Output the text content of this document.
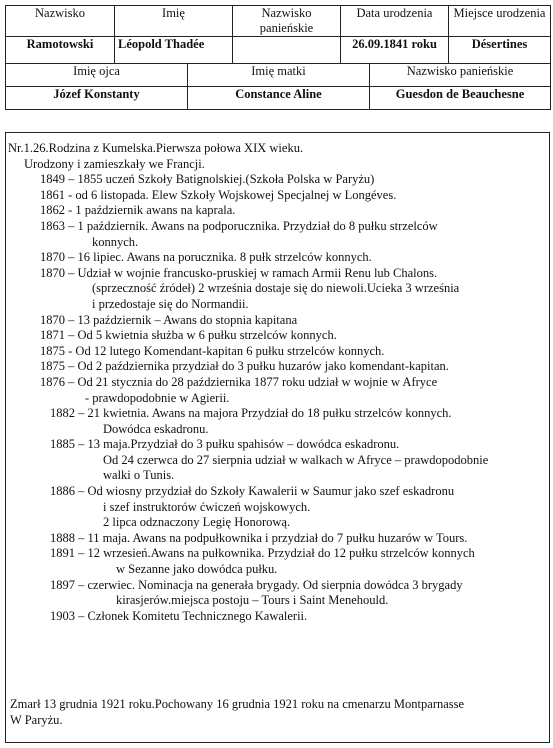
Nazwisko	Imię	Nazwisko panieńskie	Data urodzenia	Miejsce urodzenia
Ramotowski	Léopold Thadée		26.09.1841 roku	Désertines
Imię ojca	Imię matki	Nazwisko panieńskie
Józef Konstanty	Constance Aline	Guesdon de Beauchesne
Nr.1.26.Rodzina z Kumelska.Pierwsza połowa XIX wieku.
Urodzony i zamieszkały we Francji.
1849 – 1855 uczeń Szkoły Batignolskiej.(Szkoła Polska w Paryżu)
1861 - od 6 listopada. Elew Szkoły Wojskowej Specjalnej w Longéves.
1862 - 1 październik awans na kaprala.
1863 – 1 październik. Awans na podporucznika. Przydział do 8 pułku strzelców
konnych.
1870 – 16 lipiec. Awans na porucznika. 8 pułk strzelców konnych.
1870 – Udział w wojnie francusko-pruskiej w ramach Armii Renu lub Chalons.
(sprzeczność źródeł) 2 września dostaje się do niewoli.Ucieka 3 września
i przedostaje się do Normandii.
1870 – 13 październik – Awans do stopnia kapitana
1871 – Od 5 kwietnia służba w 6 pułku strzelców konnych.
1875 - Od 12 lutego Komendant-kapitan 6 pułku strzelców konnych.
1875 – Od 2 października przydział do 3 pułku huzarów jako komendant-kapitan.
1876 – Od 21 stycznia do 28 października 1877 roku udział w wojnie w Afryce
- prawdopodobnie w Agierii.
1882 – 21 kwietnia. Awans na majora Przydział do 18 pułku strzelców konnych.
Dowódca eskadronu.
1885 – 13 maja.Przydział do 3 pułku spahisów – dowódca eskadronu.
Od 24 czerwca do 27 sierpnia udział w walkach w Afryce – prawdopodobnie
walki o Tunis.
1886 – Od wiosny przydział do Szkoły Kawalerii w Saumur jako szef eskadronu
i szef instruktorów ćwiczeń wojskowych.
2 lipca odznaczony Legię Honorową.
1888 – 11 maja. Awans na podpułkownika i przydział do 7 pułku huzarów w Tours.
1891 – 12 wrzesień.Awans na pułkownika. Przydział do 12 pułku strzelców konnych
w Sezanne jako dowódca pułku.
1897 – czerwiec. Nominacja na generała brygady. Od sierpnia dowódca 3 brygady
kirasjerów.miejsca postoju – Tours i Saint Menehould.
1903 – Członek Komitetu Technicznego Kawalerii.
Zmarł 13 grudnia 1921 roku.Pochowany 16 grudnia 1921 roku na cmenarzu Montparnasse
W Paryżu.
